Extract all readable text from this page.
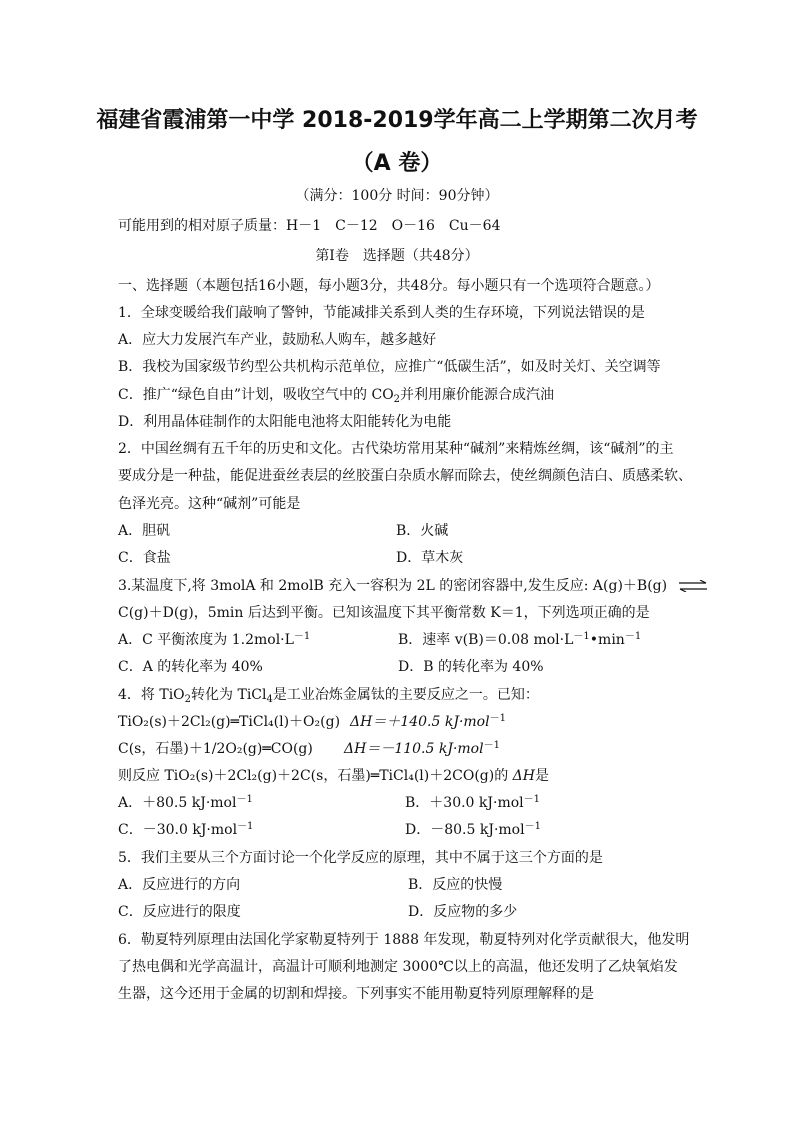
福建省霞浦第一中学 2018-2019学年高二上学期第二次月考
（A 卷）
（满分：100分 时间：90分钟）
可能用到的相对原子质量：H－1　C－12　O－16　Cu－64
第Ⅰ卷　选择题（共48分）
一、选择题（本题包括16小题，每小题3分，共48分。每小题只有一个选项符合题意。）
1．全球变暖给我们敲响了警钟，节能减排关系到人类的生存环境，下列说法错误的是
A．应大力发展汽车产业，鼓励私人购车，越多越好
B．我校为国家级节约型公共机构示范单位，应推广“低碳生活”，如及时关灯、关空调等
C．推广“绿色自由”计划，吸收空气中的 $CO_2$并利用廉价能源合成汽油
D．利用晶体硅制作的太阳能电池将太阳能转化为电能
2．中国丝绸有五千年的历史和文化。古代染坊常用某种“碱剂”来精炼丝绸，该“碱剂”的主
要成分是一种盐，能促进蚕丝表层的丝胶蛋白杂质水解而除去，使丝绸颜色洁白、质感柔软、
色泽光亮。这种“碱剂”可能是
A．胆矾	B．火碱
C．食盐	D．草木灰
3.某温度下,将 3molA 和 2molB 充入一容积为 2L 的密闭容器中,发生反应: A(g)＋B(g) ⇌
C(g)＋D(g)，5min 后达到平衡。已知该温度下其平衡常数 K＝1，下列选项正确的是
A．C 平衡浓度为 $1.2mol\cdot L^{-1}$	B．速率 v(B)＝0.08 $mol\cdot L^{-1}•\min^{-1}$
C．A 的转化率为 40%	D．B 的转化率为 40%
4．将 TiO$_2$转化为 TiCl$_4$是工业冶炼金属钛的主要反应之一。已知：
TiO₂(s)＋2Cl₂(g)═TiCl₄(l)＋O₂(g) ΔH＝＋140.5 kJ·mol$^{-1}$
C(s，石墨)＋1/2O₂(g)═CO(g) ΔH＝－110.5 kJ·mol$^{-1}$
则反应 TiO₂(s)＋2Cl₂(g)＋2C(s，石墨)═TiCl₄(l)＋2CO(g)的 ΔH是
A．＋80.5 kJ·mol$^{-1}$	B．＋30.0 kJ·mol$^{-1}$
C．－30.0 kJ·mol$^{-1}$	D．－80.5 kJ·mol$^{-1}$
5．我们主要从三个方面讨论一个化学反应的原理，其中不属于这三个方面的是
A．反应进行的方向	B．反应的快慢
C．反应进行的限度	D．反应物的多少
6．勒夏特列原理由法国化学家勒夏特列于 1888 年发现，勒夏特列对化学贡献很大，他发明
了热电偶和光学高温计，高温计可顺利地测定 3000℃以上的高温，他还发明了乙炔氧焰发
生器，这今还用于金属的切割和焊接。下列事实不能用勒夏特列原理解释的是
